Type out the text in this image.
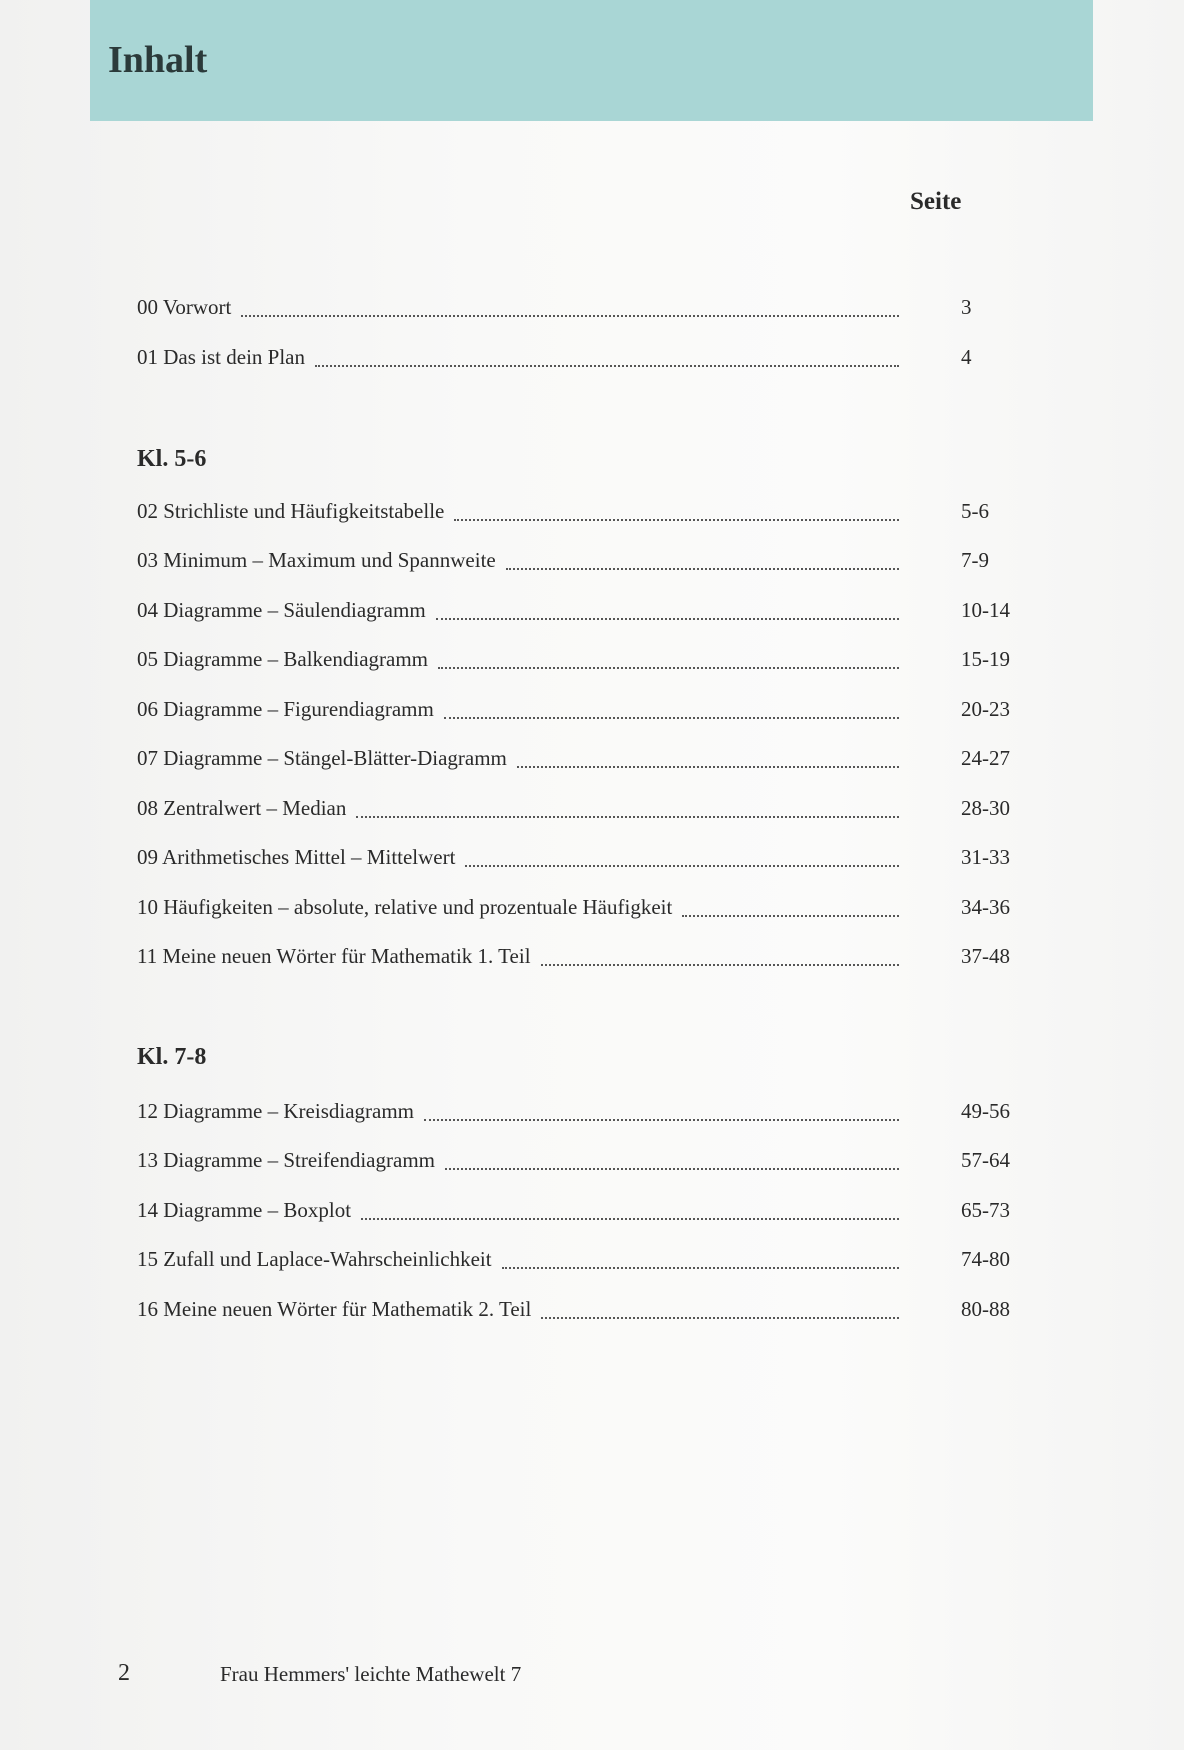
Inhalt
Seite
00 Vorwort	3
01 Das ist dein Plan	4
Kl. 5-6
02 Strichliste und Häufigkeitstabelle	5-6
03 Minimum – Maximum und Spannweite	7-9
04 Diagramme – Säulendiagramm	10-14
05 Diagramme – Balkendiagramm	15-19
06 Diagramme – Figurendiagramm	20-23
07 Diagramme – Stängel-Blätter-Diagramm	24-27
08 Zentralwert – Median	28-30
09 Arithmetisches Mittel – Mittelwert	31-33
10 Häufigkeiten – absolute, relative und prozentuale Häufigkeit	34-36
11 Meine neuen Wörter für Mathematik 1. Teil	37-48
Kl. 7-8
12 Diagramme – Kreisdiagramm	49-56
13 Diagramme – Streifendiagramm	57-64
14 Diagramme – Boxplot	65-73
15 Zufall und Laplace-Wahrscheinlichkeit	74-80
16 Meine neuen Wörter für Mathematik 2. Teil	80-88
2	Frau Hemmers' leichte Mathewelt 7
